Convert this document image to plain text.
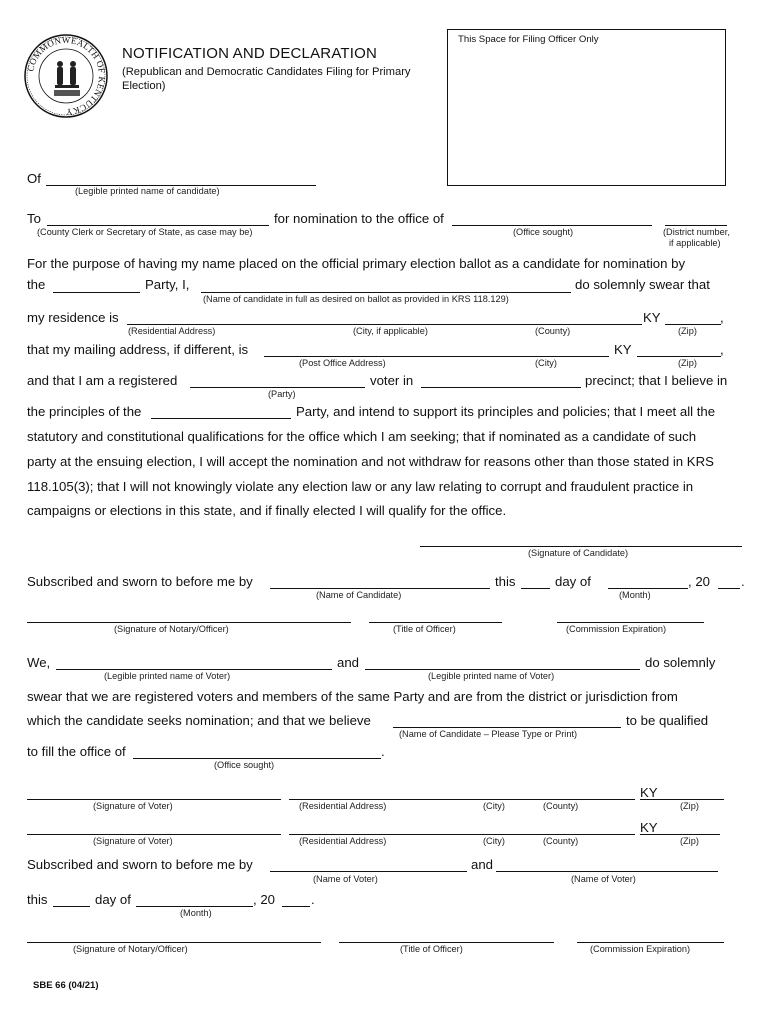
COMMONWEALTH OF KENTUCKY
NOTIFICATION AND DECLARATION
(Republican and Democratic Candidates Filing for Primary Election)
This Space for Filing Officer Only
Of
(Legible printed name of candidate)
To	for nomination to the office of
(County Clerk or Secretary of State, as case may be)	(Office sought)	(District number,
if applicable)
For the purpose of having my name placed on the official primary election ballot as a candidate for nomination by
the	Party, I,	do solemnly swear that
(Name of candidate in full as desired on ballot as provided in KRS 118.129)
my residence is	KY	,
(Residential Address)	(City, if applicable)	(County)	(Zip)
that my mailing address, if different, is	KY	,
(Post Office Address)	(City)	(Zip)
and that I am a registered	voter in	precinct; that I believe in
(Party)
the principles of the	Party, and intend to support its principles and policies; that I meet all the
statutory and constitutional qualifications for the office which I am seeking; that if nominated as a candidate of such
party at the ensuing election, I will accept the nomination and not withdraw for reasons other than those stated in KRS
118.105(3); that I will not knowingly violate any election law or any law relating to corrupt and fraudulent practice in
campaigns or elections in this state, and if finally elected I will qualify for the office.
(Signature of Candidate)
Subscribed and sworn to before me by	this	day of	, 20 .
(Name of Candidate)	(Month)
(Signature of Notary/Officer)	(Title of Officer)	(Commission Expiration)
We,	and	do solemnly
(Legible printed name of Voter)	(Legible printed name of Voter)
swear that we are registered voters and members of the same Party and are from the district or jurisdiction from
which the candidate seeks nomination; and that we believe	to be qualified
(Name of Candidate – Please Type or Print)
to fill the office of	.
(Office sought)
KY
(Signature of Voter)	(Residential Address)	(City)	(County)	(Zip)
KY
(Signature of Voter)	(Residential Address)	(City)	(County)	(Zip)
Subscribed and sworn to before me by	and
(Name of Voter)	(Name of Voter)
this	day of	, 20	.
(Month)
(Signature of Notary/Officer)	(Title of Officer)	(Commission Expiration)
SBE 66 (04/21)
